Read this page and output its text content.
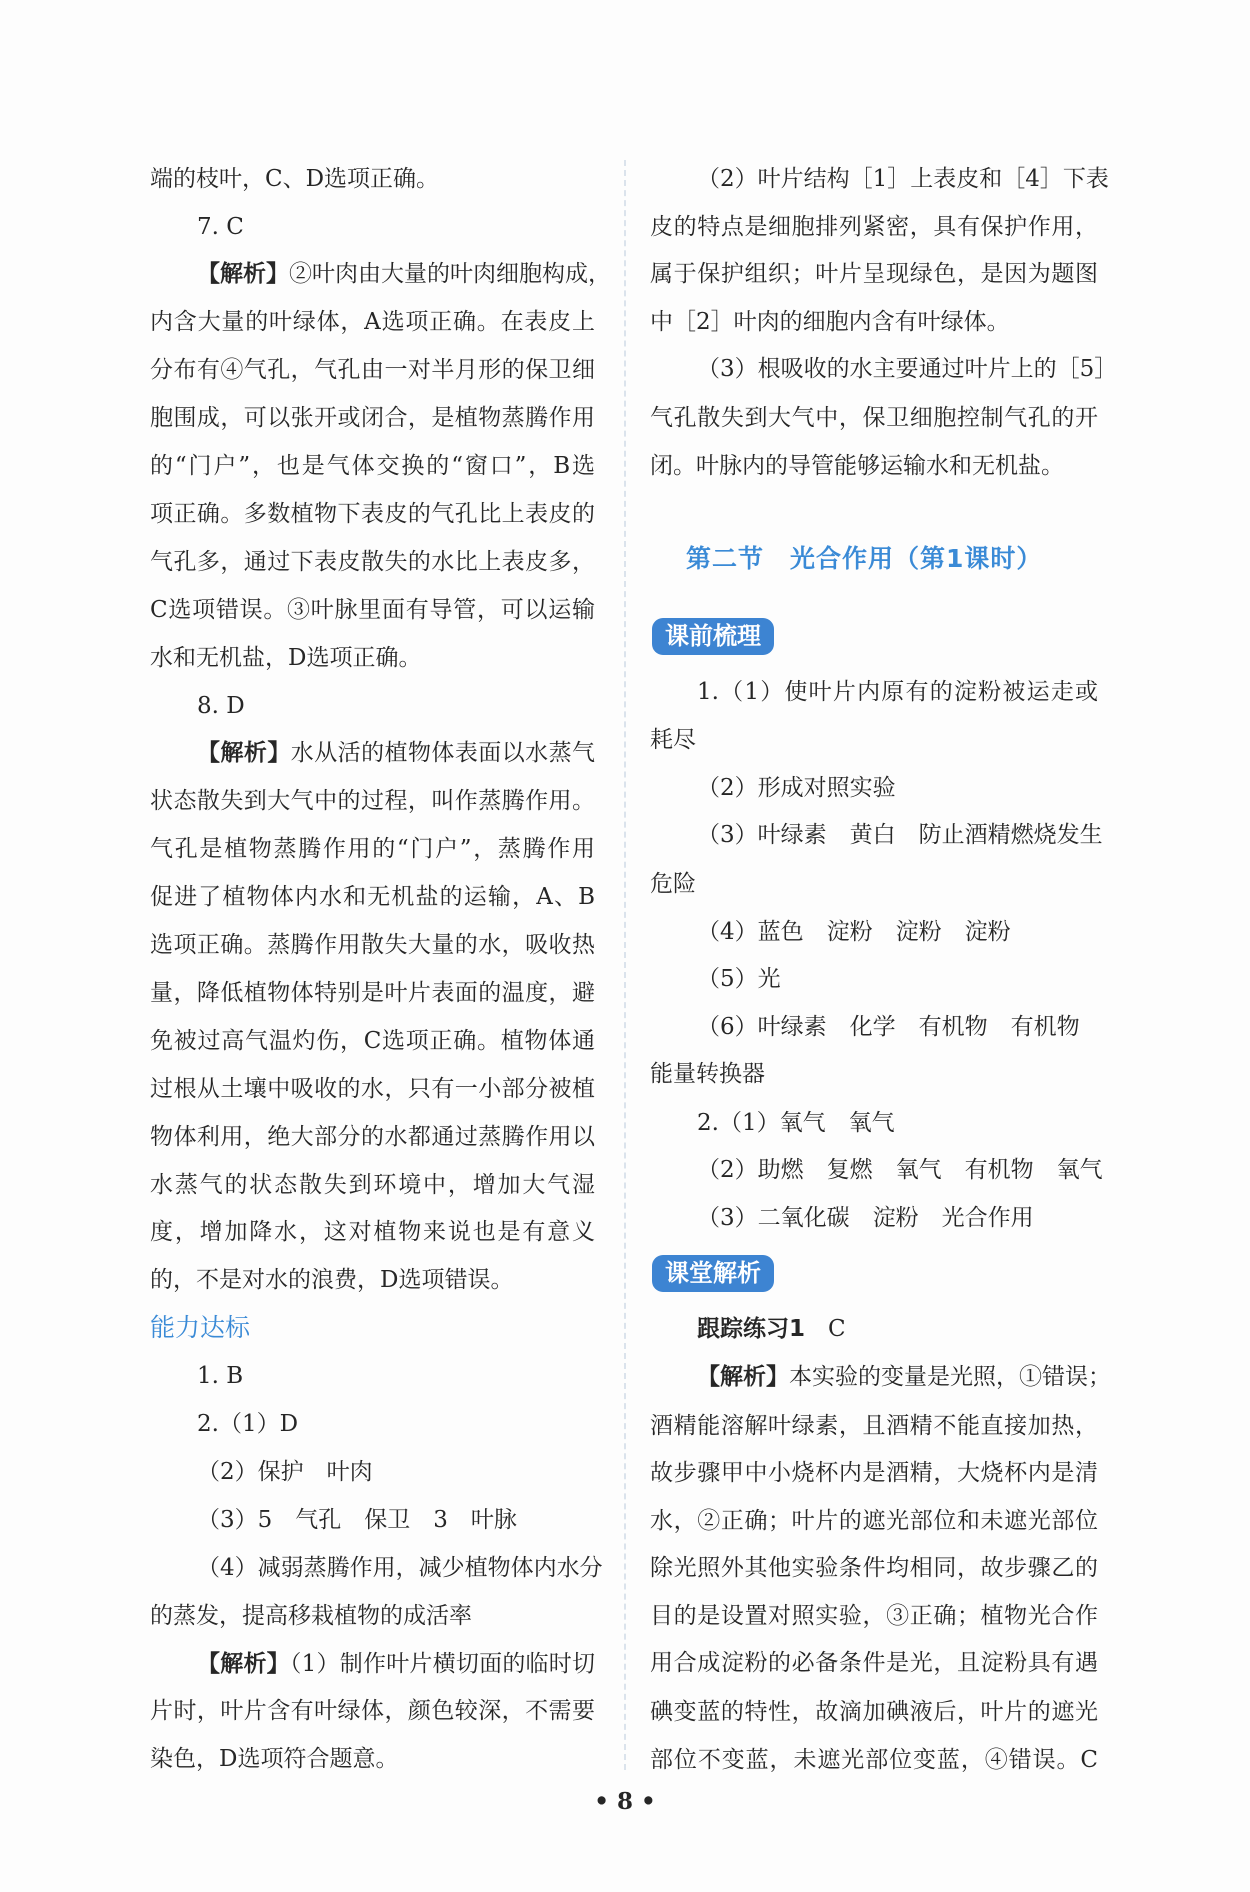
端的枝叶，C、D选项正确。
7. C
【解析】②叶肉由大量的叶肉细胞构成，
内含大量的叶绿体，A选项正确。在表皮上
分布有④气孔，气孔由一对半月形的保卫细
胞围成，可以张开或闭合，是植物蒸腾作用
的“门户”，也是气体交换的“窗口”，B选
项正确。多数植物下表皮的气孔比上表皮的
气孔多，通过下表皮散失的水比上表皮多，
C选项错误。③叶脉里面有导管，可以运输
水和无机盐，D选项正确。
8. D
【解析】水从活的植物体表面以水蒸气
状态散失到大气中的过程，叫作蒸腾作用。
气孔是植物蒸腾作用的“门户”，蒸腾作用
促进了植物体内水和无机盐的运输，A、B
选项正确。蒸腾作用散失大量的水，吸收热
量，降低植物体特别是叶片表面的温度，避
免被过高气温灼伤，C选项正确。植物体通
过根从土壤中吸收的水，只有一小部分被植
物体利用，绝大部分的水都通过蒸腾作用以
水蒸气的状态散失到环境中，增加大气湿
度，增加降水，这对植物来说也是有意义
的，不是对水的浪费，D选项错误。
能力达标
1. B
2.（1）D
（2）保护　叶肉
（3）5　气孔　保卫　3　叶脉
（4）减弱蒸腾作用，减少植物体内水分
的蒸发，提高移栽植物的成活率
【解析】（1）制作叶片横切面的临时切
片时，叶片含有叶绿体，颜色较深，不需要
染色，D选项符合题意。
（2）叶片结构［1］上表皮和［4］下表
皮的特点是细胞排列紧密，具有保护作用，
属于保护组织；叶片呈现绿色，是因为题图
中［2］叶肉的细胞内含有叶绿体。
（3）根吸收的水主要通过叶片上的［5］
气孔散失到大气中，保卫细胞控制气孔的开
闭。叶脉内的导管能够运输水和无机盐。
第二节　光合作用（第1课时）
课前梳理
1.（1）使叶片内原有的淀粉被运走或
耗尽
（2）形成对照实验
（3）叶绿素　黄白　防止酒精燃烧发生
危险
（4）蓝色　淀粉　淀粉　淀粉
（5）光
（6）叶绿素　化学　有机物　有机物
能量转换器
2.（1）氧气　氧气
（2）助燃　复燃　氧气　有机物　氧气
（3）二氧化碳　淀粉　光合作用
课堂解析
跟踪练习1　 C
【解析】本实验的变量是光照，①错误；
酒精能溶解叶绿素，且酒精不能直接加热，
故步骤甲中小烧杯内是酒精，大烧杯内是清
水，②正确；叶片的遮光部位和未遮光部位
除光照外其他实验条件均相同，故步骤乙的
目的是设置对照实验，③正确；植物光合作
用合成淀粉的必备条件是光，且淀粉具有遇
碘变蓝的特性，故滴加碘液后，叶片的遮光
部位不变蓝，未遮光部位变蓝，④错误。C
• 8 •
